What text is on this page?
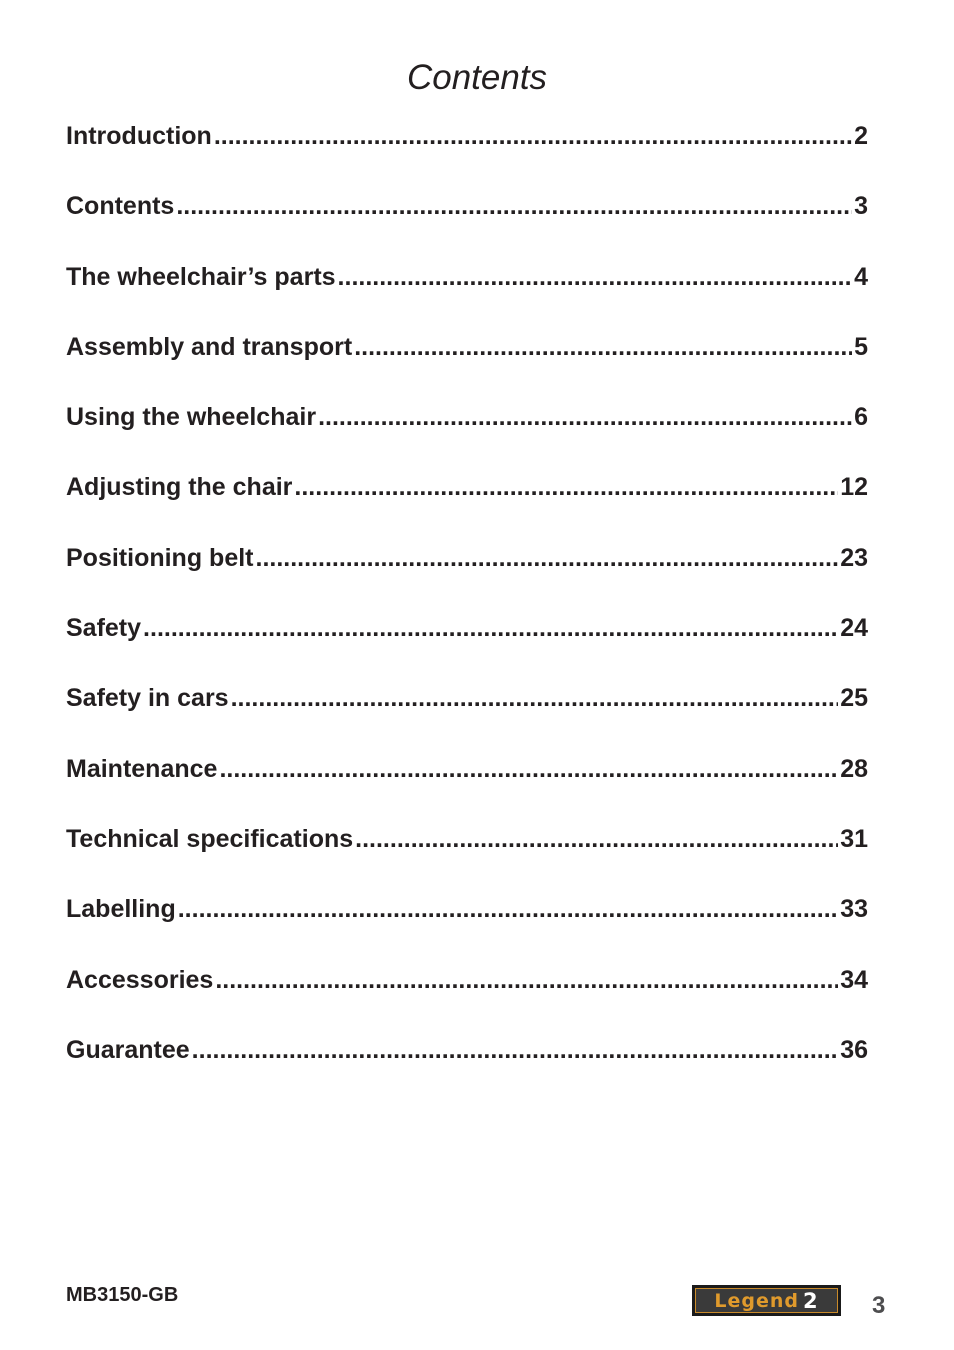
Contents
Introduction .....	2
Contents .....	3
The wheelchair’s parts .....	4
Assembly and transport .....	5
Using the wheelchair .....	6
Adjusting the chair .....	12
Positioning belt .....	23
Safety .....	24
Safety in cars .....	25
Maintenance .....	28
Technical specifications .....	31
Labelling .....	33
Accessories .....	34
Guarantee .....	36
MB3150-GB	Legend 2 3
